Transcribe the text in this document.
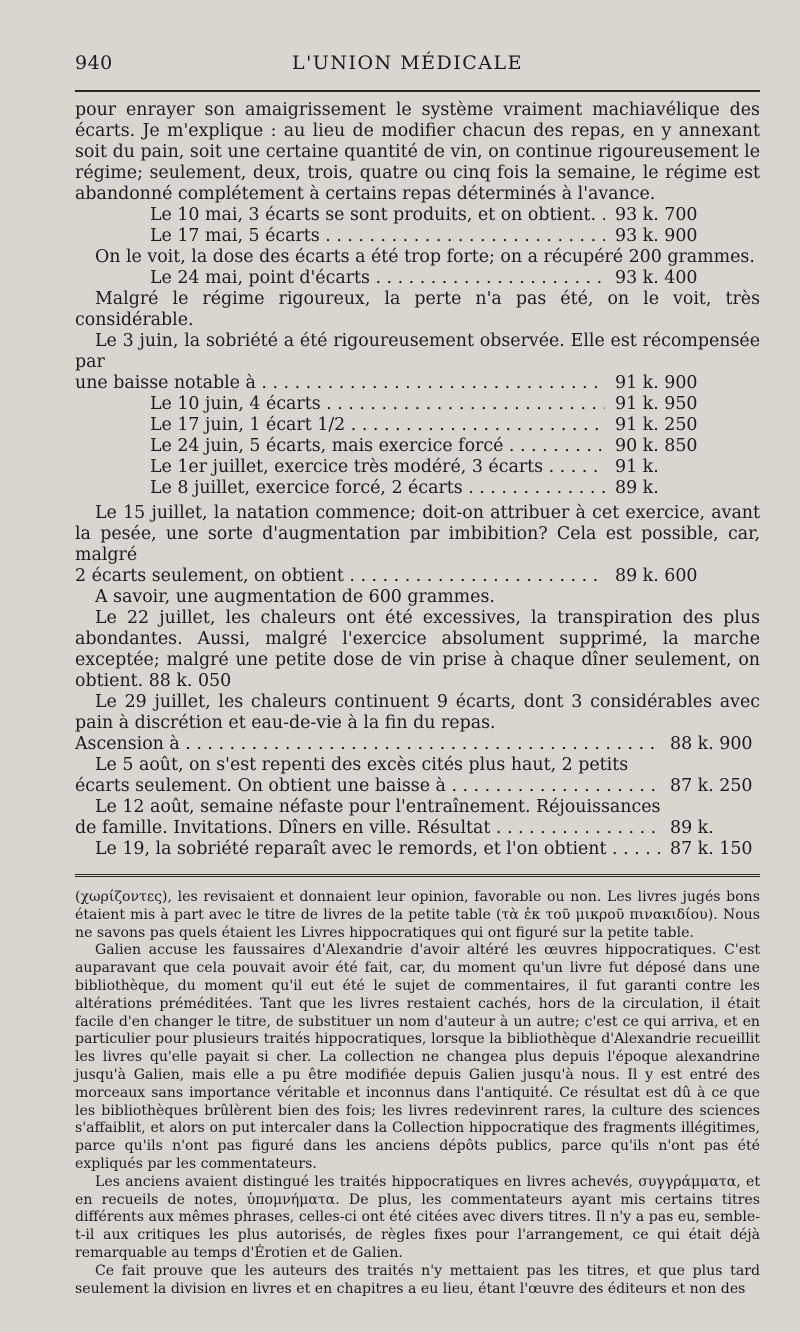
940	L'UNION MÉDICALE

pour enrayer son amaigrissement le système vraiment machiavélique des écarts. Je m'explique : au lieu de modifier chacun des repas, en y annexant soit du pain, soit une certaine quantité de vin, on continue rigoureusement le régime; seulement, deux, trois, quatre ou cinq fois la semaine, le régime est abandonné complétement à certains repas déterminés à l'avance.

Le 10 mai, 3 écarts se sont produits, et on obtient. . . .	93 k. 700
Le 17 mai, 5 écarts . . .	93 k. 900

On le voit, la dose des écarts a été trop forte; on a récupéré 200 grammes.

Le 24 mai, point d'écarts . . .	93 k. 400

Malgré le régime rigoureux, la perte n'a pas été, on le voit, très considérable.

Le 3 juin, la sobriété a été rigoureusement observée. Elle est récompensée par

une baisse notable à . . .	91 k. 900
Le 10 juin, 4 écarts . . .	91 k. 950
Le 17 juin, 1 écart 1/2 . . .	91 k. 250
Le 24 juin, 5 écarts, mais exercice forcé . . .	90 k. 850
Le 1er juillet, exercice très modéré, 3 écarts . . .	91 k.
Le 8 juillet, exercice forcé, 2 écarts . . .	89 k.

Le 15 juillet, la natation commence; doit-on attribuer à cet exercice, avant la pesée, une sorte d'augmentation par imbibition? Cela est possible, car, malgré

2 écarts seulement, on obtient . . .	89 k. 600

A savoir, une augmentation de 600 grammes.

Le 22 juillet, les chaleurs ont été excessives, la transpiration des plus abondantes. Aussi, malgré l'exercice absolument supprimé, la marche exceptée; malgré une petite dose de vin prise à chaque dîner seulement, on obtient. 88 k. 050

Le 29 juillet, les chaleurs continuent 9 écarts, dont 3 considérables avec pain à discrétion et eau-de-vie à la fin du repas.

Ascension à . . .	88 k. 900

Le 5 août, on s'est repenti des excès cités plus haut, 2 petits

écarts seulement. On obtient une baisse à . . .	87 k. 250

Le 12 août, semaine néfaste pour l'entraînement. Réjouissances

de famille. Invitations. Dîners en ville. Résultat . . .	89 k.
Le 19, la sobriété reparaît avec le remords, et l'on obtient . . .	87 k. 150

(χωρίζοντες), les revisaient et donnaient leur opinion, favorable ou non. Les livres jugés bons étaient mis à part avec le titre de livres de la petite table (τὰ ἐκ τοῦ μικροῦ πινακιδίου). Nous ne savons pas quels étaient les Livres hippocratiques qui ont figuré sur la petite table.

Galien accuse les faussaires d'Alexandrie d'avoir altéré les œuvres hippocratiques. C'est auparavant que cela pouvait avoir été fait, car, du moment qu'un livre fut déposé dans une bibliothèque, du moment qu'il eut été le sujet de commentaires, il fut garanti contre les altérations préméditées. Tant que les livres restaient cachés, hors de la circulation, il était facile d'en changer le titre, de substituer un nom d'auteur à un autre; c'est ce qui arriva, et en particulier pour plusieurs traités hippocratiques, lorsque la bibliothèque d'Alexandrie recueillit les livres qu'elle payait si cher. La collection ne changea plus depuis l'époque alexandrine jusqu'à Galien, mais elle a pu être modifiée depuis Galien jusqu'à nous. Il y est entré des morceaux sans importance véritable et inconnus dans l'antiquité. Ce résultat est dû à ce que les bibliothèques brûlèrent bien des fois; les livres redevinrent rares, la culture des sciences s'affaiblit, et alors on put intercaler dans la Collection hippocratique des fragments illégitimes, parce qu'ils n'ont pas figuré dans les anciens dépôts publics, parce qu'ils n'ont pas été expliqués par les commentateurs.

Les anciens avaient distingué les traités hippocratiques en livres achevés, συγγράμματα, et en recueils de notes, ὑπομνήματα. De plus, les commentateurs ayant mis certains titres différents aux mêmes phrases, celles-ci ont été citées avec divers titres. Il n'y a pas eu, semble-t-il aux critiques les plus autorisés, de règles fixes pour l'arrangement, ce qui était déjà remarquable au temps d'Érotien et de Galien.

Ce fait prouve que les auteurs des traités n'y mettaient pas les titres, et que plus tard seulement la division en livres et en chapitres a eu lieu, étant l'œuvre des éditeurs et non des
